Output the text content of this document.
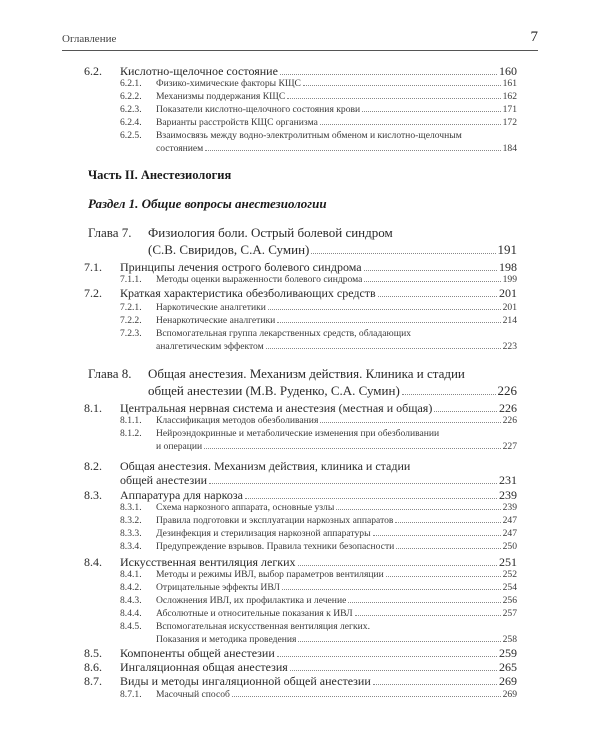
Оглавление	7
6.2. Кислотно-щелочное состояние	160
6.2.1. Физико-химические факторы КЩС	161
6.2.2. Механизмы поддержания КЩС	162
6.2.3. Показатели кислотно-щелочного состояния крови	171
6.2.4. Варианты расстройств КЩС организма	172
6.2.5. Взаимосвязь между водно-электролитным обменом и кислотно-щелочным
состоянием	184
Часть II. Анестезиология
Раздел 1. Общие вопросы анестезиологии
Глава 7. Физиология боли. Острый болевой синдром
(С.В. Свиридов, С.А. Сумин)	191
7.1. Принципы лечения острого болевого синдрома	198
7.1.1. Методы оценки выраженности болевого синдрома	199
7.2. Краткая характеристика обезболивающих средств	201
7.2.1. Наркотические аналгетики	201
7.2.2. Ненаркотические аналгетики	214
7.2.3. Вспомогательная группа лекарственных средств, обладающих
аналгетическим эффектом	223
Глава 8. Общая анестезия. Механизм действия. Клиника и стадии
общей анестезии (М.В. Руденко, С.А. Сумин)	226
8.1. Центральная нервная система и анестезия (местная и общая)	226
8.1.1. Классификация методов обезболивания	226
8.1.2. Нейроэндокринные и метаболические изменения при обезболивании
и операции	227
8.2. Общая анестезия. Механизм действия, клиника и стадии
общей анестезии	231
8.3. Аппаратура для наркоза	239
8.3.1. Схема наркозного аппарата, основные узлы	239
8.3.2. Правила подготовки и эксплуатации наркозных аппаратов	247
8.3.3. Дезинфекция и стерилизация наркозной аппаратуры	247
8.3.4. Предупреждение взрывов. Правила техники безопасности	250
8.4. Искусственная вентиляция легких	251
8.4.1. Методы и режимы ИВЛ, выбор параметров вентиляции	252
8.4.2. Отрицательные эффекты ИВЛ	254
8.4.3. Осложнения ИВЛ, их профилактика и лечение	256
8.4.4. Абсолютные и относительные показания к ИВЛ	257
8.4.5. Вспомогательная искусственная вентиляция легких.
Показания и методика проведения	258
8.5. Компоненты общей анестезии	259
8.6. Ингаляционная общая анестезия	265
8.7. Виды и методы ингаляционной общей анестезии	269
8.7.1. Масочный способ	269
